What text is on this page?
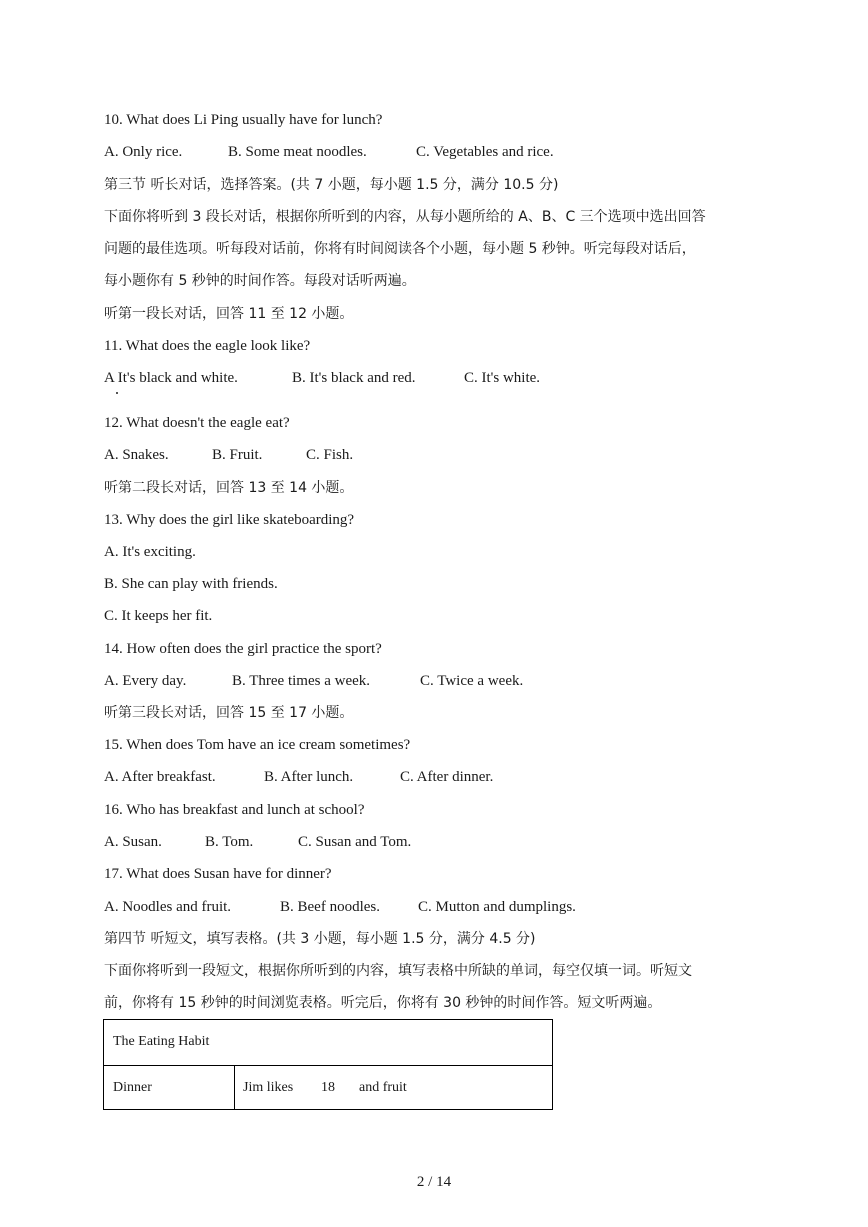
10. What does Li Ping usually have for lunch?
A. Only rice.	B. Some meat noodles.	C. Vegetables and rice.
第三节 听长对话，选择答案。(共 7 小题，每小题 1.5 分，满分 10.5 分)
下面你将听到 3 段长对话，根据你所听到的内容，从每小题所给的 A、B、C 三个选项中选出回答
问题的最佳选项。听每段对话前，你将有时间阅读各个小题，每小题 5 秒钟。听完每段对话后，
每小题你有 5 秒钟的时间作答。每段对话听两遍。
听第一段长对话，回答 11 至 12 小题。
11. What does the eagle look like?
A It's black and white.	B. It's black and red.	C. It's white.
12. What doesn't the eagle eat?
A. Snakes.	B. Fruit.	C. Fish.
听第二段长对话，回答 13 至 14 小题。
13. Why does the girl like skateboarding?
A. It's exciting.
B. She can play with friends.
C. It keeps her fit.
14. How often does the girl practice the sport?
A. Every day.	B. Three times a week.	C. Twice a week.
听第三段长对话，回答 15 至 17 小题。
15. When does Tom have an ice cream sometimes?
A. After breakfast.	B. After lunch.	C. After dinner.
16. Who has breakfast and lunch at school?
A. Susan.	B. Tom.	C. Susan and Tom.
17. What does Susan have for dinner?
A. Noodles and fruit.	B. Beef noodles.	C. Mutton and dumplings.
第四节 听短文，填写表格。(共 3 小题，每小题 1.5 分，满分 4.5 分)
下面你将听到一段短文，根据你所听到的内容，填写表格中所缺的单词，每空仅填一词。听短文
前，你将有 15 秒钟的时间浏览表格。听完后，你将有 30 秒钟的时间作答。短文听两遍。
The Eating Habit
Dinner	Jim likes 18 and fruit
2 / 14
